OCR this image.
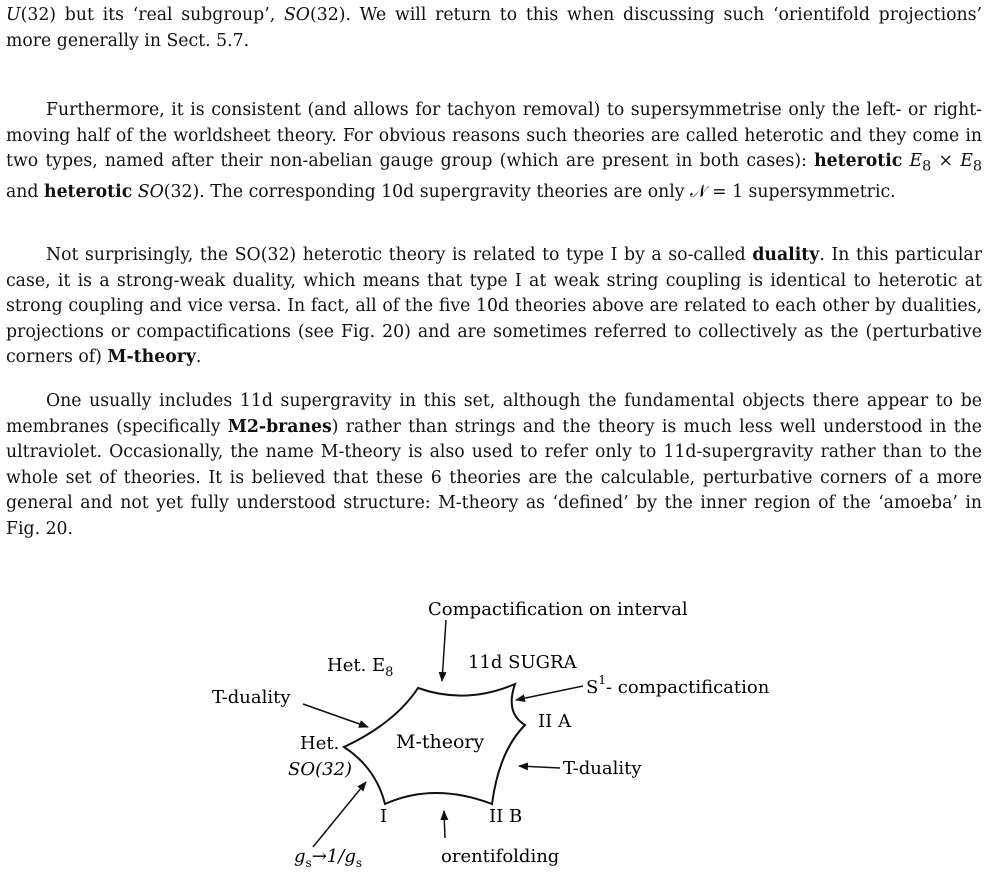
U(32) but its ‘real subgroup’, SO(32). We will return to this when discussing such ‘orientifold projections’ more generally in Sect. 5.7.

Furthermore, it is consistent (and allows for tachyon removal) to supersymmetrise only the left- or right-moving half of the worldsheet theory. For obvious reasons such theories are called heterotic and they come in two types, named after their non-abelian gauge group (which are present in both cases): heterotic $E_8 \times E_8$ and heterotic SO(32). The corresponding 10d supergravity theories are only 𝒩 = 1 supersymmetric.

Not surprisingly, the SO(32) heterotic theory is related to type I by a so-called duality. In this particular case, it is a strong-weak duality, which means that type I at weak string coupling is identical to heterotic at strong coupling and vice versa. In fact, all of the five 10d theories above are related to each other by dualities, projections or compactifications (see Fig. 20) and are sometimes referred to collectively as the (perturbative corners of) M-theory.

One usually includes 11d supergravity in this set, although the fundamental objects there appear to be membranes (specifically M2-branes) rather than strings and the theory is much less well understood in the ultraviolet. Occasionally, the name M-theory is also used to refer only to 11d-supergravity rather than to the whole set of theories. It is believed that these 6 theories are the calculable, perturbative corners of a more general and not yet fully understood structure: M-theory as ‘defined’ by the inner region of the ‘amoeba’ in Fig. 20.

M-theory
Compactification on interval
Het. $E_8$	11d SUGRA
$S^1-$ compactification
T-duality
II A
Het.
SO(32)	T-duality
I	II B
orentifolding
$g_s\to 1/g_s$
